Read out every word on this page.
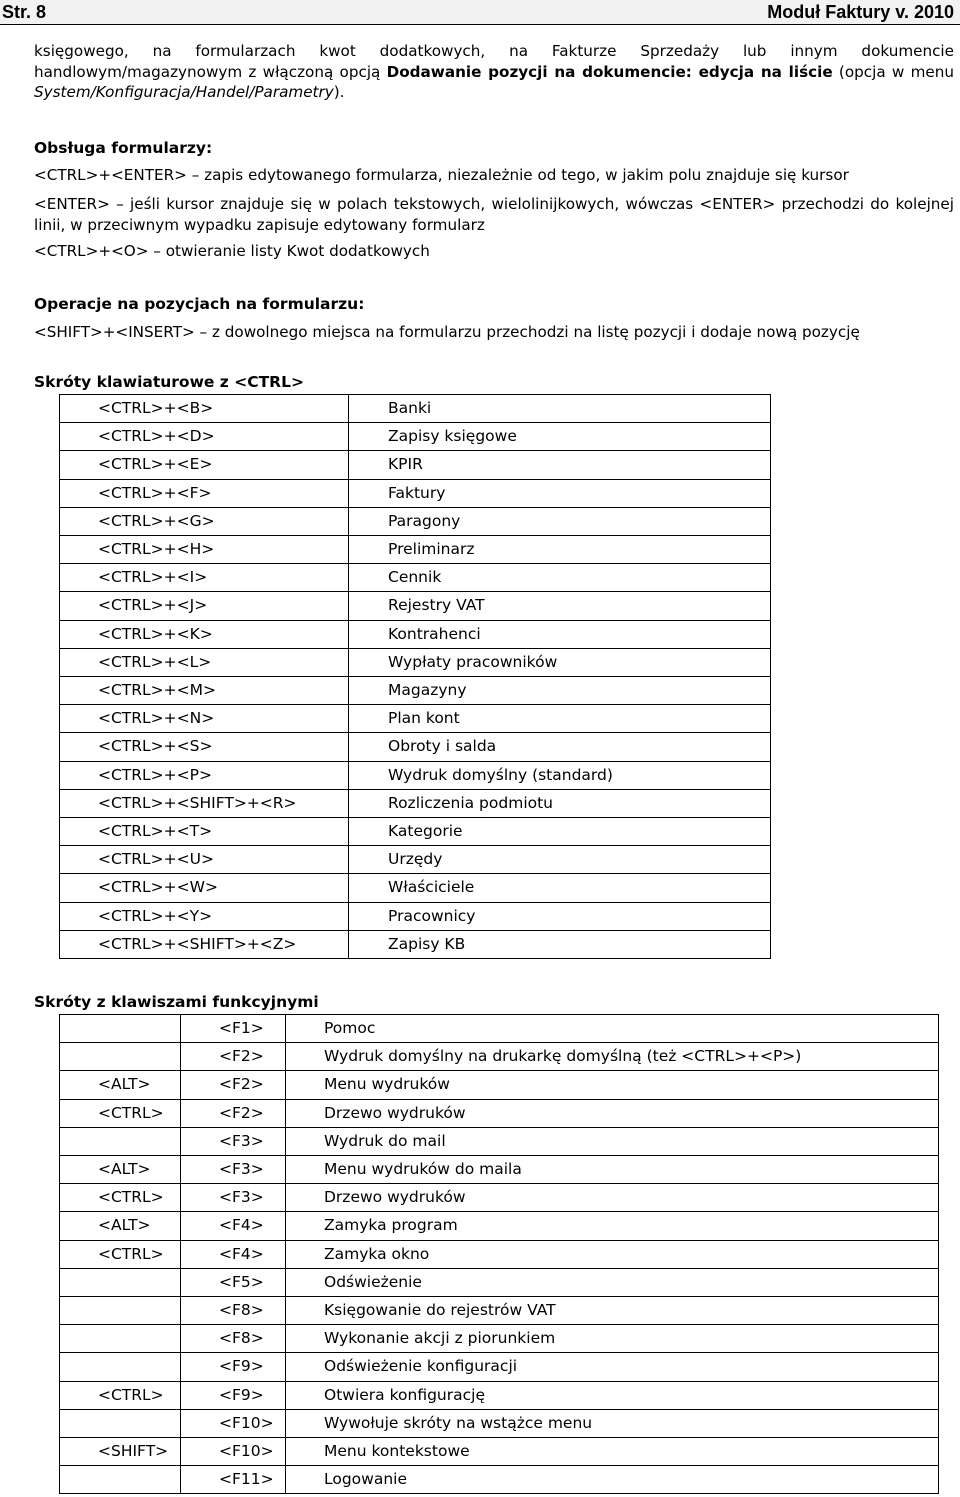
Str. 8	Moduł Faktury v. 2010
księgowego, na formularzach kwot dodatkowych, na Fakturze Sprzedaży lub innym dokumencie handlowym/magazynowym z włączoną opcją Dodawanie pozycji na dokumencie: edycja na liście (opcja w menu System/Konfiguracja/Handel/Parametry).
Obsługa formularzy:
<CTRL>+<ENTER> – zapis edytowanego formularza, niezależnie od tego, w jakim polu znajduje się kursor
<ENTER> – jeśli kursor znajduje się w polach tekstowych, wielolinijkowych, wówczas <ENTER> przechodzi do kolejnej linii, w przeciwnym wypadku zapisuje edytowany formularz
<CTRL>+<O> – otwieranie listy Kwot dodatkowych
Operacje na pozycjach na formularzu:
<SHIFT>+<INSERT> – z dowolnego miejsca na formularzu przechodzi na listę pozycji i dodaje nową pozycję
Skróty klawiaturowe z <CTRL>
<CTRL>+<B>	Banki
<CTRL>+<D>	Zapisy księgowe
<CTRL>+<E>	KPIR
<CTRL>+<F>	Faktury
<CTRL>+<G>	Paragony
<CTRL>+<H>	Preliminarz
<CTRL>+<I>	Cennik
<CTRL>+<J>	Rejestry VAT
<CTRL>+<K>	Kontrahenci
<CTRL>+<L>	Wypłaty pracowników
<CTRL>+<M>	Magazyny
<CTRL>+<N>	Plan kont
<CTRL>+<S>	Obroty i salda
<CTRL>+<P>	Wydruk domyślny (standard)
<CTRL>+<SHIFT>+<R>	Rozliczenia podmiotu
<CTRL>+<T>	Kategorie
<CTRL>+<U>	Urzędy
<CTRL>+<W>	Właściciele
<CTRL>+<Y>	Pracownicy
<CTRL>+<SHIFT>+<Z>	Zapisy KB
Skróty z klawiszami funkcyjnymi
	<F1>	Pomoc
	<F2>	Wydruk domyślny na drukarkę domyślną (też <CTRL>+<P>)
<ALT>	<F2>	Menu wydruków
<CTRL>	<F2>	Drzewo wydruków
	<F3>	Wydruk do mail
<ALT>	<F3>	Menu wydruków do maila
<CTRL>	<F3>	Drzewo wydruków
<ALT>	<F4>	Zamyka program
<CTRL>	<F4>	Zamyka okno
	<F5>	Odświeżenie
	<F8>	Księgowanie do rejestrów VAT
	<F8>	Wykonanie akcji z piorunkiem
	<F9>	Odświeżenie konfiguracji
<CTRL>	<F9>	Otwiera konfigurację
	<F10>	Wywołuje skróty na wstążce menu
<SHIFT>	<F10>	Menu kontekstowe
	<F11>	Logowanie
